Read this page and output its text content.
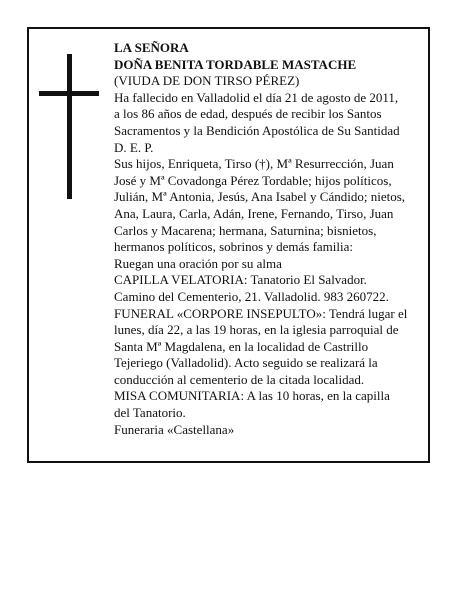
LA SEÑORA

DOÑA BENITA TORDABLE MASTACHE

(VIUDA DE DON TIRSO PÉREZ)

Ha fallecido en Valladolid el día 21 de agosto de 2011,

a los 86 años de edad, después de recibir los Santos

Sacramentos y la Bendición Apostólica de Su Santidad

D. E. P.

Sus hijos, Enriqueta, Tirso (†), Mª Resurrección, Juan

José y Mª Covadonga Pérez Tordable; hijos políticos,

Julián, Mª Antonia, Jesús, Ana Isabel y Cándido; nietos,

Ana, Laura, Carla, Adán, Irene, Fernando, Tirso, Juan

Carlos y Macarena; hermana, Saturnina; bisnietos,

hermanos políticos, sobrinos y demás familia:

Ruegan una oración por su alma

CAPILLA VELATORIA: Tanatorio El Salvador.

Camino del Cementerio, 21. Valladolid. 983 260722.

FUNERAL «CORPORE INSEPULTO»: Tendrá lugar el

lunes, día 22, a las 19 horas, en la iglesia parroquial de

Santa Mª Magdalena, en la localidad de Castrillo

Tejeriego (Valladolid). Acto seguido se realizará la

conducción al cementerio de la citada localidad.

MISA COMUNITARIA: A las 10 horas, en la capilla

del Tanatorio.

Funeraria «Castellana»
